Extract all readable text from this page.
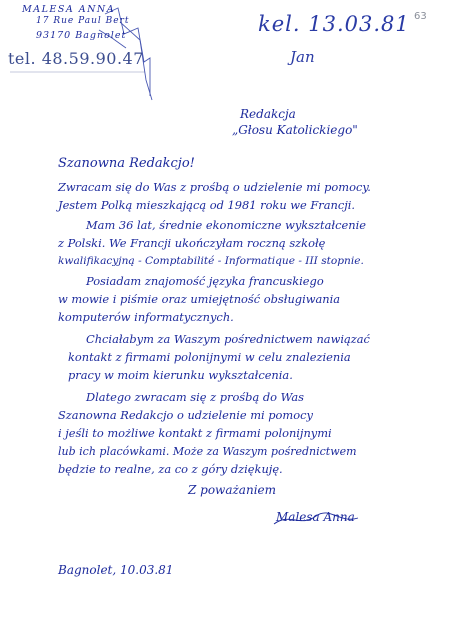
MALESA ANNA
17 Rue Paul Bert
93170 Bagnolet
tel. 48.59.90.47
kel. 13.03.81
Jan
63
Redakcja
„Głosu Katolickiego"
Szanowna Redakcjo!
Zwracam się do Was z prośbą o udzielenie mi pomocy.
Jestem Polką mieszkającą od 1981 roku we Francji.
Mam 36 lat, średnie ekonomiczne wykształcenie
z Polski. We Francji ukończyłam roczną szkołę
kwalifikacyjną - Comptabilité - Informatique - III stopnie.
Posiadam znajomość języka francuskiego
w mowie i piśmie oraz umiejętność obsługiwania
komputerów informatycznych.
Chciałabym za Waszym pośrednictwem nawiązać
kontakt z firmami polonijnymi w celu znalezienia
pracy w moim kierunku wykształcenia.
Dlatego zwracam się z prośbą do Was
Szanowna Redakcjo o udzielenie mi pomocy
i jeśli to możliwe kontakt z firmami polonijnymi
lub ich placówkami. Może za Waszym pośrednictwem
będzie to realne, za co z góry dziękuję.
Z poważaniem
Malesa Anna
Bagnolet, 10.03.81
